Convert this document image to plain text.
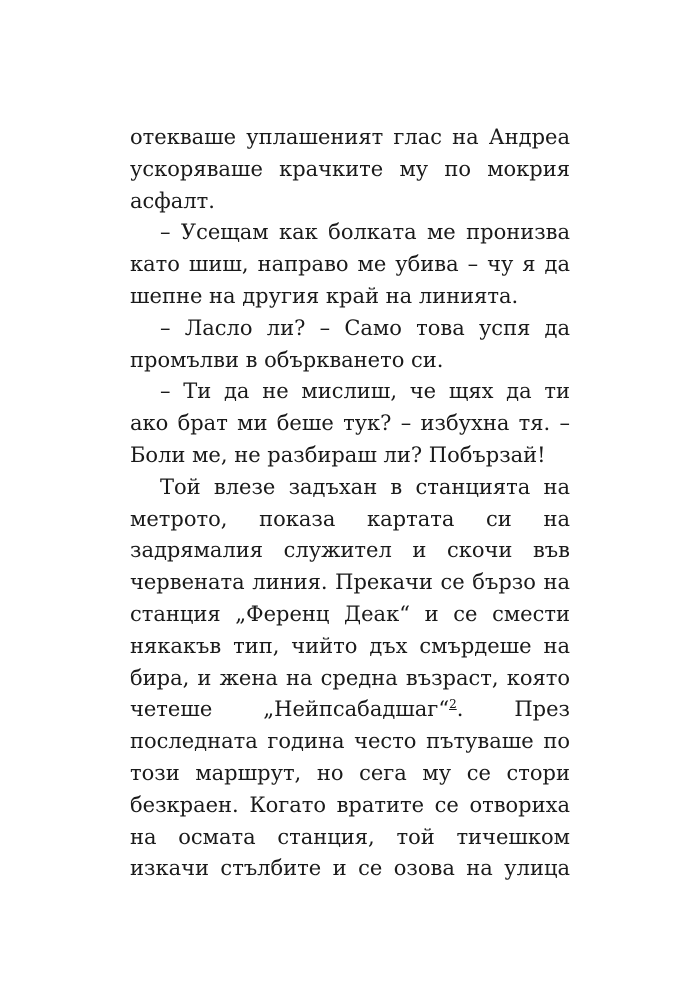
отекваше уплашеният глас на Андреа
ускоряваше крачките му по мокрия
асфалт.
– Усещам как болката ме пронизва
като шиш, направо ме убива – чу я да
шепне на другия край на линията.
– Ласло ли? – Само това успя да
промълви в объркването си.
– Ти да не мислиш, че щях да ти
ако брат ми беше тук? – избухна тя. –
Боли ме, не разбираш ли? Побързай!
Той влезе задъхан в станцията на
метрото, показа картата си на
задрямалия служител и скочи във
червената линия. Прекачи се бързо на
станция „Ференц Деак“ и се смести
някакъв тип, чийто дъх смърдеше на
бира, и жена на средна възраст, която
четеше „Нейпсабадшаг“$^2$. През
последната година често пътуваше по
този маршрут, но сега му се стори
безкраен. Когато вратите се отвориха
на осмата станция, той тичешком
изкачи стълбите и се озова на улица
